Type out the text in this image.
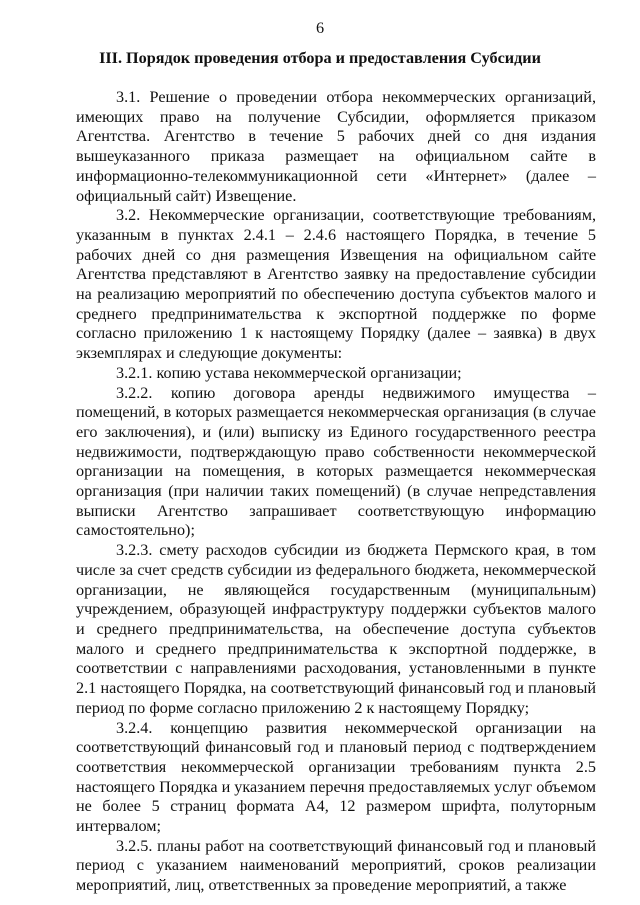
6
III. Порядок проведения отбора и предоставления Субсидии

3.1. Решение о проведении отбора некоммерческих организаций, имеющих право на получение Субсидии, оформляется приказом Агентства. Агентство в течение 5 рабочих дней со дня издания вышеуказанного приказа размещает на официальном сайте в информационно-телекоммуникационной сети «Интернет» (далее – официальный сайт) Извещение.

3.2. Некоммерческие организации, соответствующие требованиям, указанным в пунктах 2.4.1 – 2.4.6 настоящего Порядка, в течение 5 рабочих дней со дня размещения Извещения на официальном сайте Агентства представляют в Агентство заявку на предоставление субсидии на реализацию мероприятий по обеспечению доступа субъектов малого и среднего предпринимательства к экспортной поддержке по форме согласно приложению 1 к настоящему Порядку (далее – заявка) в двух экземплярах и следующие документы:

3.2.1. копию устава некоммерческой организации;

3.2.2. копию договора аренды недвижимого имущества – помещений, в которых размещается некоммерческая организация (в случае его заключения), и (или) выписку из Единого государственного реестра недвижимости, подтверждающую право собственности некоммерческой организации на помещения, в которых размещается некоммерческая организация (при наличии таких помещений) (в случае непредставления выписки Агентство запрашивает соответствующую информацию самостоятельно);

3.2.3. смету расходов субсидии из бюджета Пермского края, в том числе за счет средств субсидии из федерального бюджета, некоммерческой организации, не являющейся государственным (муниципальным) учреждением, образующей инфраструктуру поддержки субъектов малого и среднего предпринимательства, на обеспечение доступа субъектов малого и среднего предпринимательства к экспортной поддержке, в соответствии с направлениями расходования, установленными в пункте 2.1 настоящего Порядка, на соответствующий финансовый год и плановый период по форме согласно приложению 2 к настоящему Порядку;

3.2.4. концепцию развития некоммерческой организации на соответствующий финансовый год и плановый период с подтверждением соответствия некоммерческой организации требованиям пункта 2.5 настоящего Порядка и указанием перечня предоставляемых услуг объемом не более 5 страниц формата А4, 12 размером шрифта, полуторным интервалом;

3.2.5. планы работ на соответствующий финансовый год и плановый период с указанием наименований мероприятий, сроков реализации мероприятий, лиц, ответственных за проведение мероприятий, а также
